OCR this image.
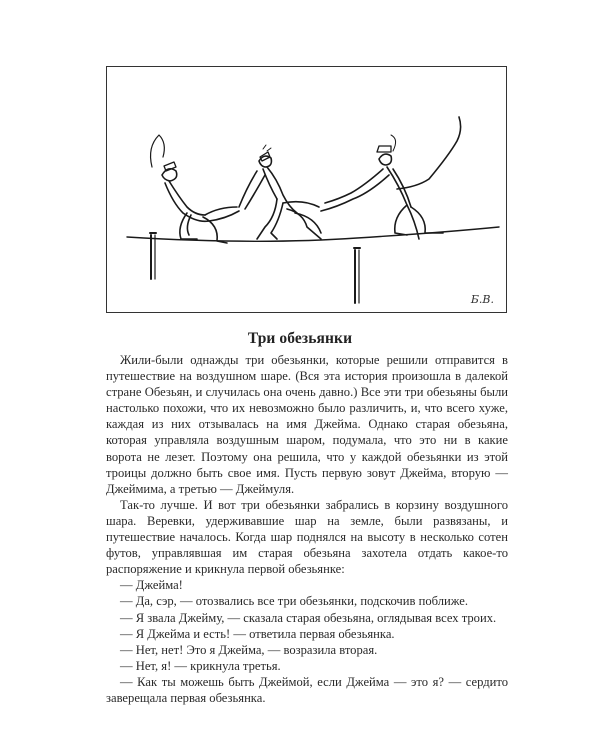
Б.В.
Три обезьянки

Жили-были однажды три обезьянки, которые решили отправится в путешествие на воздушном шаре. (Вся эта история произошла в далекой стране Обезьян, и случилась она очень давно.) Все эти три обезьяны были настолько похожи, что их невозможно было различить, и, что всего хуже, каждая из них отзывалась на имя Джейма. Однако старая обезьяна, которая управляла воздушным шаром, подумала, что это ни в какие ворота не лезет. Поэтому она решила, что у каждой обезьянки из этой троицы должно быть свое имя. Пусть первую зовут Джейма, вторую — Джеймима, а третью — Джеймуля.

Так-то лучше. И вот три обезьянки забрались в корзину воздушного шара. Веревки, удерживавшие шар на земле, были развязаны, и путешествие началось. Когда шар поднялся на высоту в несколько сотен футов, управлявшая им старая обезьяна захотела отдать какое-то распоряжение и крикнула первой обезьянке:

— Джейма!

— Да, сэр, — отозвались все три обезьянки, подскочив поближе.

— Я звала Джейму, — сказала старая обезьяна, оглядывая всех троих.

— Я Джейма и есть! — ответила первая обезьянка.

— Нет, нет! Это я Джейма, — возразила вторая.

— Нет, я! — крикнула третья.

— Как ты можешь быть Джеймой, если Джейма — это я? — сердито заверещала первая обезьянка.
